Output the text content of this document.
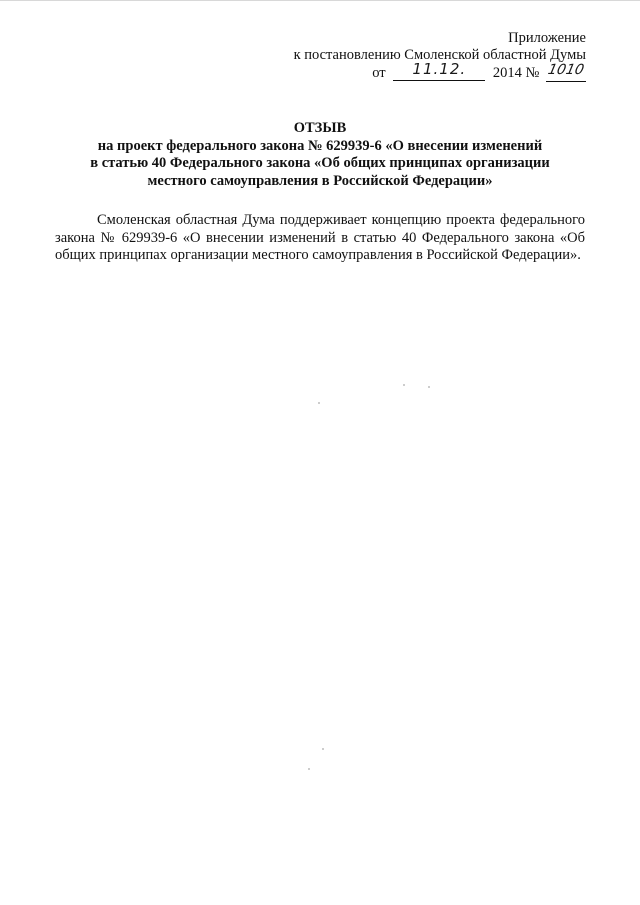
Приложение
к постановлению Смоленской областной Думы
от 11.12. 2014 № 1010
ОТЗЫВ
на проект федерального закона № 629939-6 «О внесении изменений
в статью 40 Федерального закона «Об общих принципах организации
местного самоуправления в Российской Федерации»

Смоленская областная Дума поддерживает концепцию проекта федерального закона № 629939-6 «О внесении изменений в статью 40 Федерального закона «Об общих принципах организации местного самоуправления в Российской Федерации».
